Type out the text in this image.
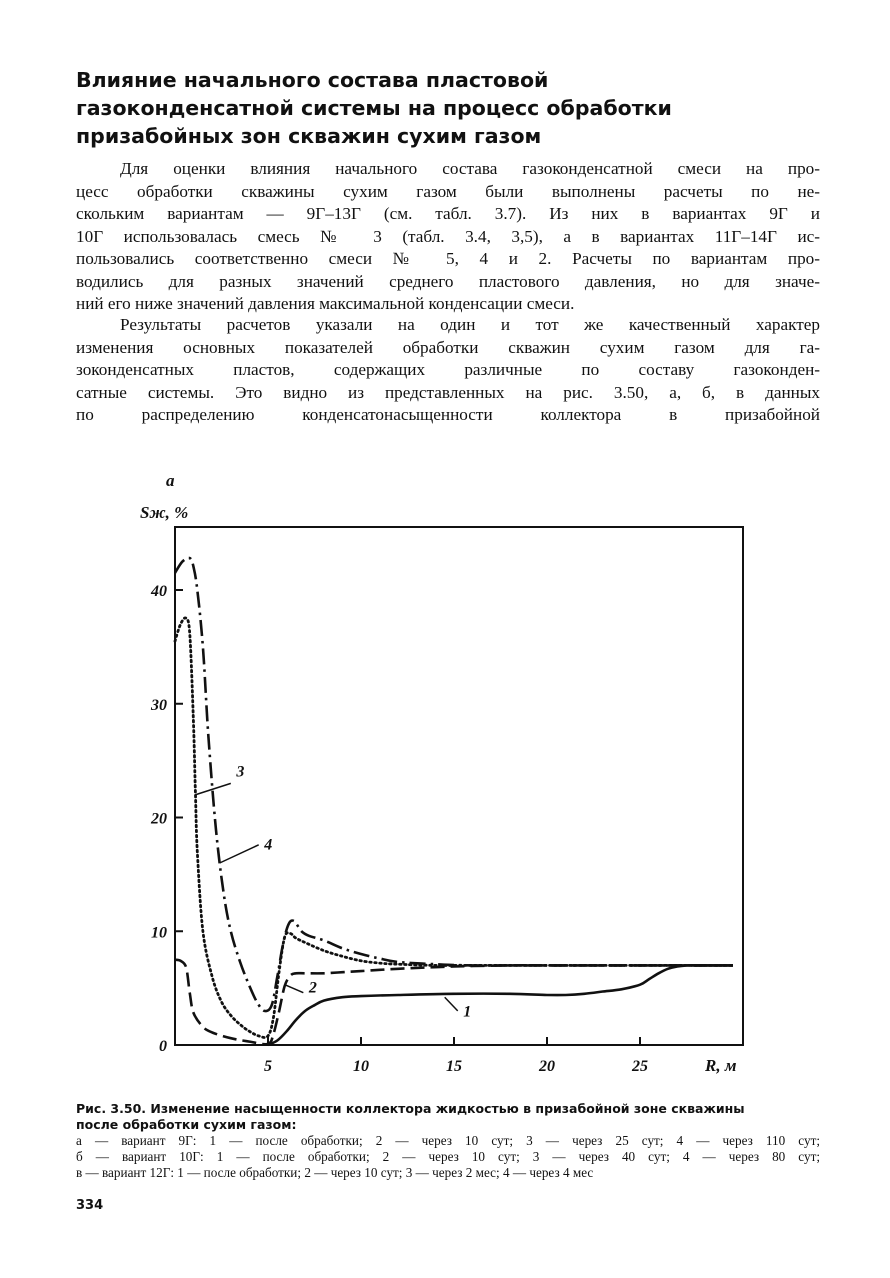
Влияние начального состава пластовой
газоконденсатной системы на процесс обработки
призабойных зон скважин сухим газом
Для оценки влияния начального состава газоконденсатной смеси на про-
цесс обработки скважины сухим газом были выполнены расчеты по не-
скольким вариантам — 9Г–13Г (см. табл. 3.7). Из них в вариантах 9Г и
10Г использовалась смесь № 3 (табл. 3.4, 3,5), а в вариантах 11Г–14Г ис-
пользовались соответственно смеси № 5, 4 и 2. Расчеты по вариантам про-
водились для разных значений среднего пластового давления, но для значе-
ний его ниже значений давления максимальной конденсации смеси.
Результаты расчетов указали на один и тот же качественный характер
изменения основных показателей обработки скважин сухим газом для га-
зоконденсатных пластов, содержащих различные по составу газоконден-
сатные системы. Это видно из представленных на рис. 3.50, а, б, в данных
по распределению конденсатонасыщенности коллектора в призабойной
а
Sж, %
R, м
0
10
20
30
40
5	10	15	20	25
1
2
3
4
Рис. 3.50. Изменение насыщенности коллектора жидкостью в призабойной зоне скважины
после обработки сухим газом:
а — вариант 9Г: 1 — после обработки; 2 — через 10 сут; 3 — через 25 сут; 4 — через 110 сут;
б — вариант 10Г: 1 — после обработки; 2 — через 10 сут; 3 — через 40 сут; 4 — через 80 сут;
в — вариант 12Г: 1 — после обработки; 2 — через 10 сут; 3 — через 2 мес; 4 — через 4 мес
334
